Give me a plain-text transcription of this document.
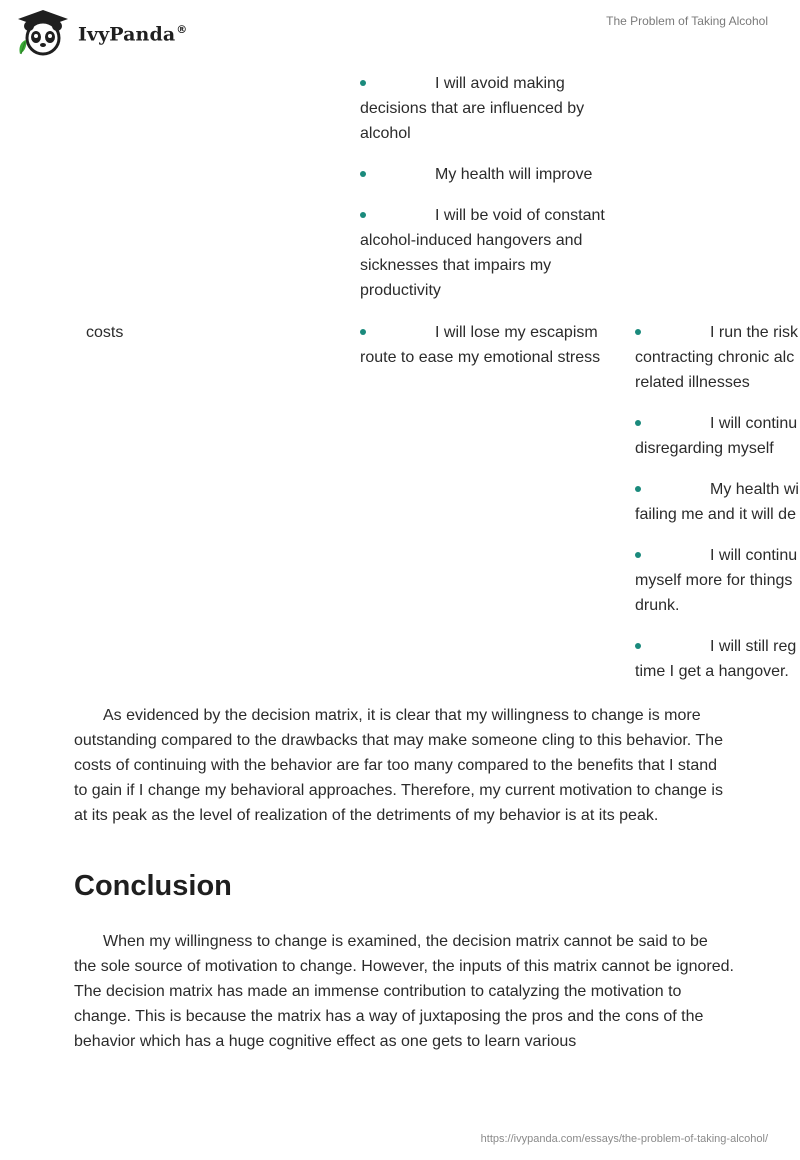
IvyPanda®
The Problem of Taking Alcohol
I will avoid making
decisions that are influenced by
alcohol
My health will improve
I will be void of constant
alcohol-induced hangovers and
sicknesses that impairs my
productivity
costs	I will lose my escapism
route to ease my emotional stress
I run the risk
contracting chronic alc
related illnesses
I will continu
disregarding myself
My health wi
failing me and it will de
I will continu
myself more for things
drunk.
I will still reg
time I get a hangover.

As evidenced by the decision matrix, it is clear that my willingness to change is more outstanding compared to the drawbacks that may make someone cling to this behavior. The costs of continuing with the behavior are far too many compared to the benefits that I stand to gain if I change my behavioral approaches. Therefore, my current motivation to change is at its peak as the level of realization of the detriments of my behavior is at its peak.

Conclusion

When my willingness to change is examined, the decision matrix cannot be said to be the sole source of motivation to change. However, the inputs of this matrix cannot be ignored. The decision matrix has made an immense contribution to catalyzing the motivation to change. This is because the matrix has a way of juxtaposing the pros and the cons of the behavior which has a huge cognitive effect as one gets to learn various

https://ivypanda.com/essays/the-problem-of-taking-alcohol/
